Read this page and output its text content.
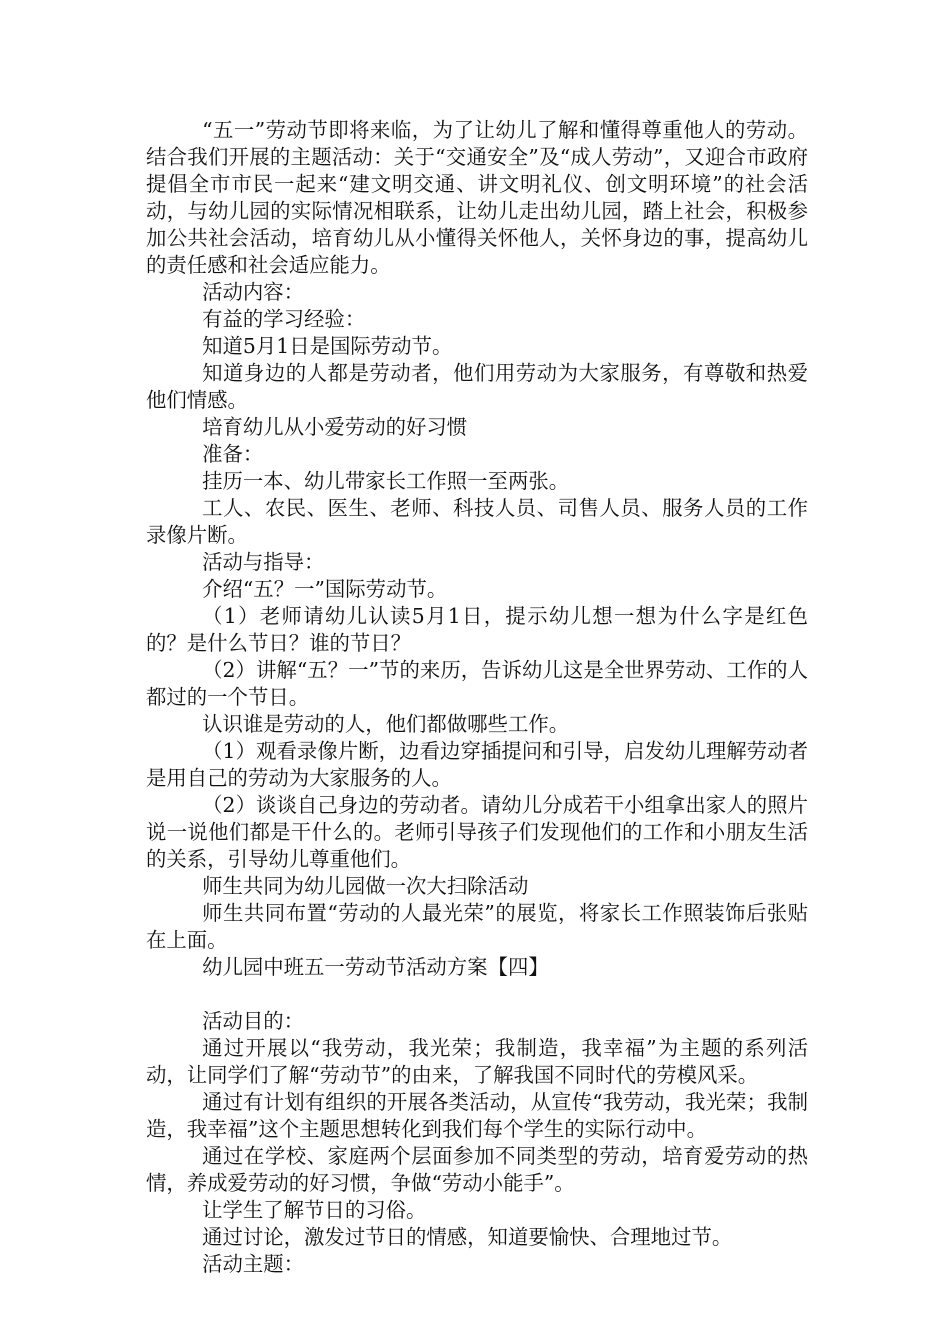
“五一”劳动节即将来临，为了让幼儿了解和懂得尊重他人的劳动。结合我们开展的主题活动：关于“交通安全”及“成人劳动”，又迎合市政府提倡全市市民一起来“建文明交通、讲文明礼仪、创文明环境”的社会活动，与幼儿园的实际情况相联系，让幼儿走出幼儿园，踏上社会，积极参加公共社会活动，培育幼儿从小懂得关怀他人，关怀身边的事，提高幼儿的责任感和社会适应能力。

活动内容：

有益的学习经验：

知道5月1日是国际劳动节。

知道身边的人都是劳动者，他们用劳动为大家服务，有尊敬和热爱他们情感。

培育幼儿从小爱劳动的好习惯

准备：

挂历一本、幼儿带家长工作照一至两张。

工人、农民、医生、老师、科技人员、司售人员、服务人员的工作录像片断。

活动与指导：

介绍“五？一”国际劳动节。

（1）老师请幼儿认读5月1日，提示幼儿想一想为什么字是红色的？是什么节日？谁的节日？

（2）讲解“五？一”节的来历，告诉幼儿这是全世界劳动、工作的人都过的一个节日。

认识谁是劳动的人，他们都做哪些工作。

（1）观看录像片断，边看边穿插提问和引导，启发幼儿理解劳动者是用自己的劳动为大家服务的人。

（2）谈谈自己身边的劳动者。请幼儿分成若干小组拿出家人的照片说一说他们都是干什么的。老师引导孩子们发现他们的工作和小朋友生活的关系，引导幼儿尊重他们。

师生共同为幼儿园做一次大扫除活动

师生共同布置“劳动的人最光荣”的展览，将家长工作照装饰后张贴在上面。

幼儿园中班五一劳动节活动方案【四】

活动目的：

通过开展以“我劳动，我光荣；我制造，我幸福”为主题的系列活动，让同学们了解“劳动节”的由来，了解我国不同时代的劳模风采。

通过有计划有组织的开展各类活动，从宣传“我劳动，我光荣；我制造，我幸福”这个主题思想转化到我们每个学生的实际行动中。

通过在学校、家庭两个层面参加不同类型的劳动，培育爱劳动的热情，养成爱劳动的好习惯，争做“劳动小能手”。

让学生了解节日的习俗。

通过讨论，激发过节日的情感，知道要愉快、合理地过节。

活动主题：
